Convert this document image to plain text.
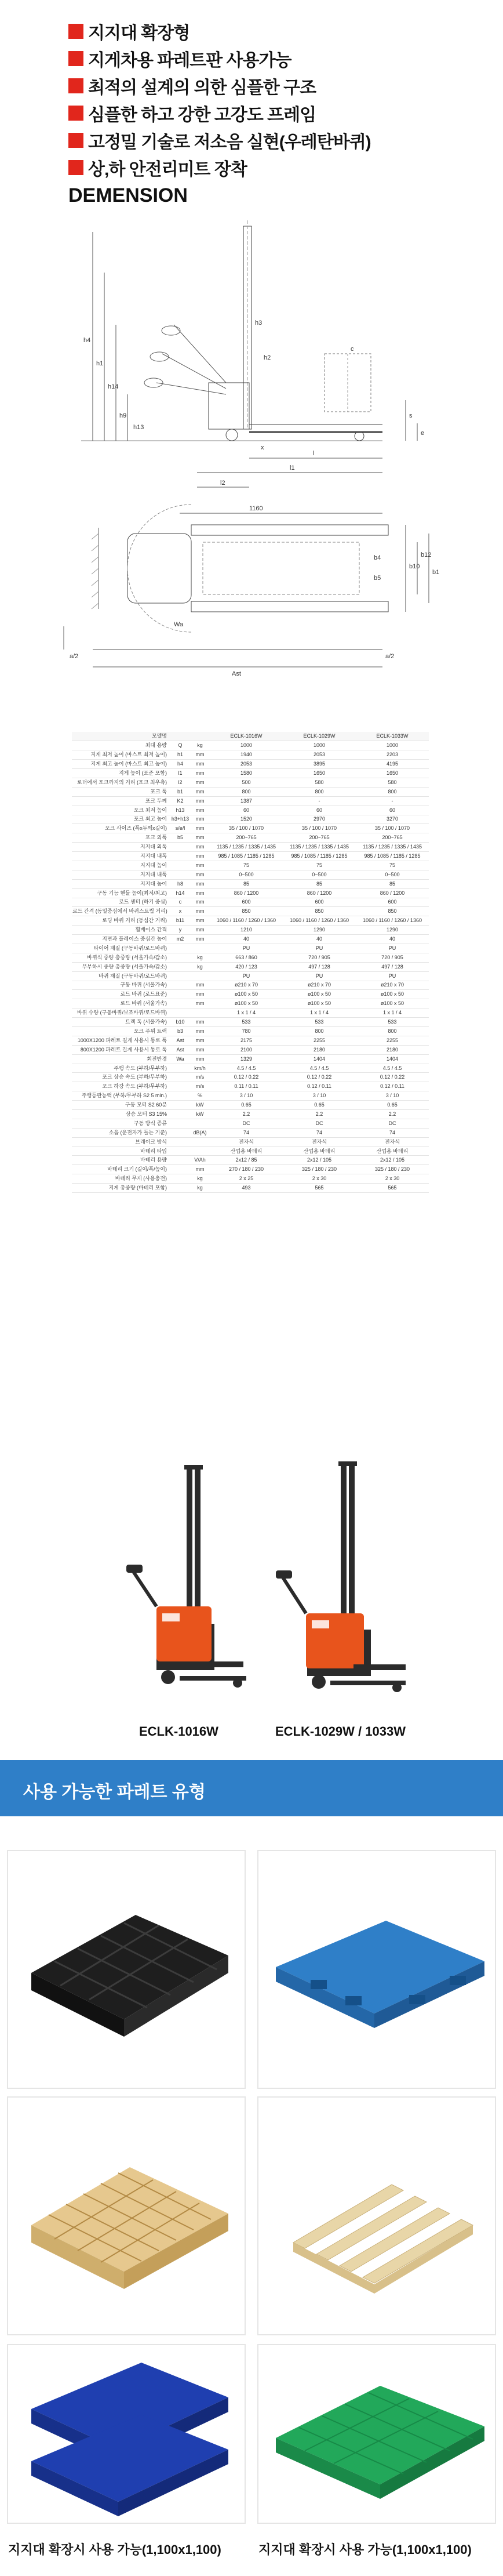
지지대 확장형
지게차용 파레트판 사용가능
최적의 설계의 의한 심플한 구조
심플한 하고 강한 고강도 프레임
고정밀 기술로 저소음 실현(우레탄바퀴)
상,하 안전리미트 장착
DEMENSION
h4
h1
h14
h9
h13
h3
h2
c
l
l1
l2
x
s
e
1160
b10
b12
b1
b5
b4
Wa
a/2	a/2
Ast
모델명			ECLK-1016W	ECLK-1029W	ECLK-1033W
최대 용량	Q	kg	1000	1000	1000
지게 최저 높이 (마스트 최저 높이)	h1	mm	1940	2053	2203
지게 최고 높이 (마스트 최고 높이)	h4	mm	2053	3895	4195
지게 높이 (표준 포함)	l1	mm	1580	1650	1650
로더에서 포크까지의 거리 (포크 최우측)	l2	mm	500	580	580
포크 폭	b1	mm	800	800	800
포크 두께	K2	mm	1387	-	-
포크 최저 높이	h13	mm	60	60	60
포크 최고 높이	h3+h13	mm	1520	2970	3270
포크 사이즈 (폭x두께x길이)	s/e/l	mm	35 / 100 / 1070	35 / 100 / 1070	35 / 100 / 1070
포크 외폭	b5	mm	200~765	200~765	200~765
지지대 외폭		mm	1135 / 1235 / 1335 / 1435	1135 / 1235 / 1335 / 1435	1135 / 1235 / 1335 / 1435
지지대 내폭		mm	985 / 1085 / 1185 / 1285	985 / 1085 / 1185 / 1285	985 / 1085 / 1185 / 1285
지지대 높이		mm	75	75	75
지지대 내폭		mm	0~500	0~500	0~500
지지대 높이	h8	mm	85	85	85
구동 기능 핸들 높이(최저/최고)	h14	mm	860 / 1200	860 / 1200	860 / 1200
로드 센터 (하기 중심)	c	mm	600	600	600
로드 간격 (동일중심에서 바퀴스트립 거리)	x	mm	850	850	850
로딩 바퀴 거리 (동심간 거리)	b11	mm	1060 / 1160 / 1260 / 1360	1060 / 1160 / 1260 / 1360	1060 / 1160 / 1260 / 1360
휠베이스 간격	y	mm	1210	1290	1290
지면과 플레이스 중심간 높이	m2	mm	40	40	40
타이어 재질 (구동바퀴/로드바퀴)			PU	PU	PU
바퀴식 중량 총중량 (서울가속/감소)		kg	663 / 860	720 / 905	720 / 905
무부하시 중량 총중량 (서울가속/감소)		kg	420 / 123	497 / 128	497 / 128
바퀴 재질 (구동바퀴/로드바퀴)			PU	PU	PU
구동 바퀴 (서울가속)		mm	ø210 x 70	ø210 x 70	ø210 x 70
로드 바퀴 (로드표준)		mm	ø100 x 50	ø100 x 50	ø100 x 50
로드 바퀴 (서울가속)		mm	ø100 x 50	ø100 x 50	ø100 x 50
바퀴 수량 (구동바퀴/보조바퀴/로드바퀴)			1 x 1 / 4	1 x 1 / 4	1 x 1 / 4
트랙 폭 (서울가속)	b10	mm	533	533	533
포크 주위 트랙	b3	mm	780	800	800
1000X1200 파레트 길게 사용시 통로 폭	Ast	mm	2175	2255	2255
800X1200 파레트 길게 사용시 통로 폭	Ast	mm	2100	2180	2180
회전반경	Wa	mm	1329	1404	1404
주행 속도 (부하/무부하)		km/h	4.5 / 4.5	4.5 / 4.5	4.5 / 4.5
포크 상승 속도 (부하/무부하)		m/s	0.12 / 0.22	0.12 / 0.22	0.12 / 0.22
포크 하강 속도 (부하/무부하)		m/s	0.11 / 0.11	0.12 / 0.11	0.12 / 0.11
주행등판능력 (부하/무부하 S2 5 min.)		%	3 / 10	3 / 10	3 / 10
구동 모터 S2 60분		kW	0.65	0.65	0.65
상승 모터 S3 15%		kW	2.2	2.2	2.2
구동 방식 종류			DC	DC	DC
소음 (운전자가 들는 기준)		dB(A)	74	74	74
브레이크 방식			전자식	전자식	전자식
바테리 타입			산업용 바테리	산업용 바테리	산업용 바테리
바테리 용량		V/Ah	2x12 / 85	2x12 / 105	2x12 / 105
바테리 크기 (길이/폭/높이)		mm	270 / 180 / 230	325 / 180 / 230	325 / 180 / 230
바테리 무게 (사용충전)		kg	2 x 25	2 x 30	2 x 30
지게 총중량 (바테리 포함)		kg	493	565	565
ECLK-1016W	ECLK-1029W / 1033W
사용 가능한 파레트 유형
지지대 확장시 사용 가능(1,100x1,100)	지지대 확장시 사용 가능(1,100x1,100)
